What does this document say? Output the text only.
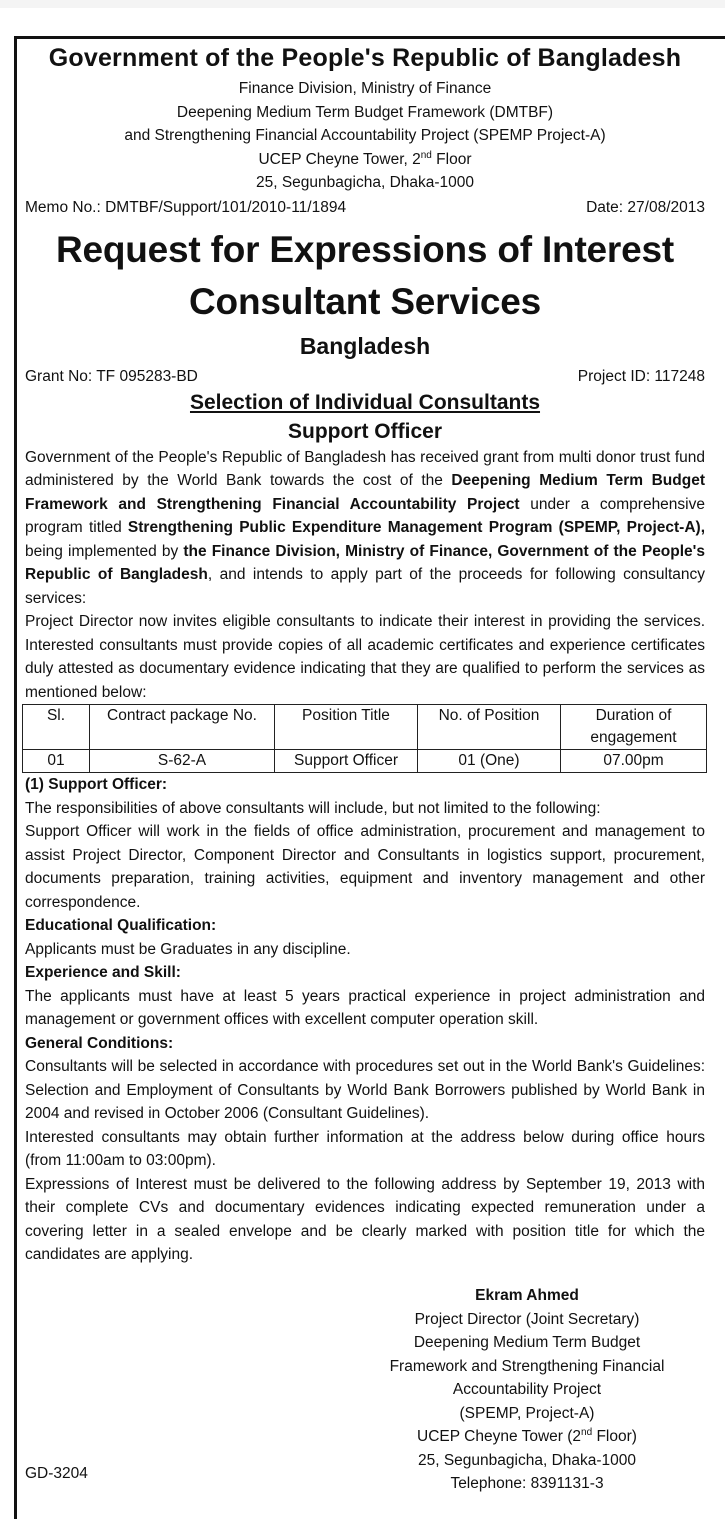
Government of the People's Republic of Bangladesh
Finance Division, Ministry of Finance
Deepening Medium Term Budget Framework (DMTBF)
and Strengthening Financial Accountability Project (SPEMP Project-A)
UCEP Cheyne Tower, 2nd Floor
25, Segunbagicha, Dhaka-1000
Memo No.: DMTBF/Support/101/2010-11/1894	Date: 27/08/2013
Request for Expressions of Interest
Consultant Services
Bangladesh
Grant No: TF 095283-BD	Project ID: 117248
Selection of Individual Consultants
Support Officer
Government of the People's Republic of Bangladesh has received grant from multi donor trust fund administered by the World Bank towards the cost of the Deepening Medium Term Budget Framework and Strengthening Financial Accountability Project under a comprehensive program titled Strengthening Public Expenditure Management Program (SPEMP, Project-A), being implemented by the Finance Division, Ministry of Finance, Government of the People's Republic of Bangladesh, and intends to apply part of the proceeds for following consultancy services:
Project Director now invites eligible consultants to indicate their interest in providing the services. Interested consultants must provide copies of all academic certificates and experience certificates duly attested as documentary evidence indicating that they are qualified to perform the services as mentioned below:
Sl.	Contract package No.	Position Title	No. of Position	Duration of engagement
01	S-62-A	Support Officer	01 (One)	07.00pm
(1) Support Officer:
The responsibilities of above consultants will include, but not limited to the following:
Support Officer will work in the fields of office administration, procurement and management to assist Project Director, Component Director and Consultants in logistics support, procurement, documents preparation, training activities, equipment and inventory management and other correspondence.
Educational Qualification:
Applicants must be Graduates in any discipline.
Experience and Skill:
The applicants must have at least 5 years practical experience in project administration and management or government offices with excellent computer operation skill.
General Conditions:
Consultants will be selected in accordance with procedures set out in the World Bank's Guidelines: Selection and Employment of Consultants by World Bank Borrowers published by World Bank in 2004 and revised in October 2006 (Consultant Guidelines).
Interested consultants may obtain further information at the address below during office hours (from 11:00am to 03:00pm).
Expressions of Interest must be delivered to the following address by September 19, 2013 with their complete CVs and documentary evidences indicating expected remuneration under a covering letter in a sealed envelope and be clearly marked with position title for which the candidates are applying.
Ekram Ahmed
Project Director (Joint Secretary)
Deepening Medium Term Budget
Framework and Strengthening Financial
Accountability Project
(SPEMP, Project-A)
UCEP Cheyne Tower (2nd Floor)
25, Segunbagicha, Dhaka-1000
Telephone: 8391131-3
GD-3204
